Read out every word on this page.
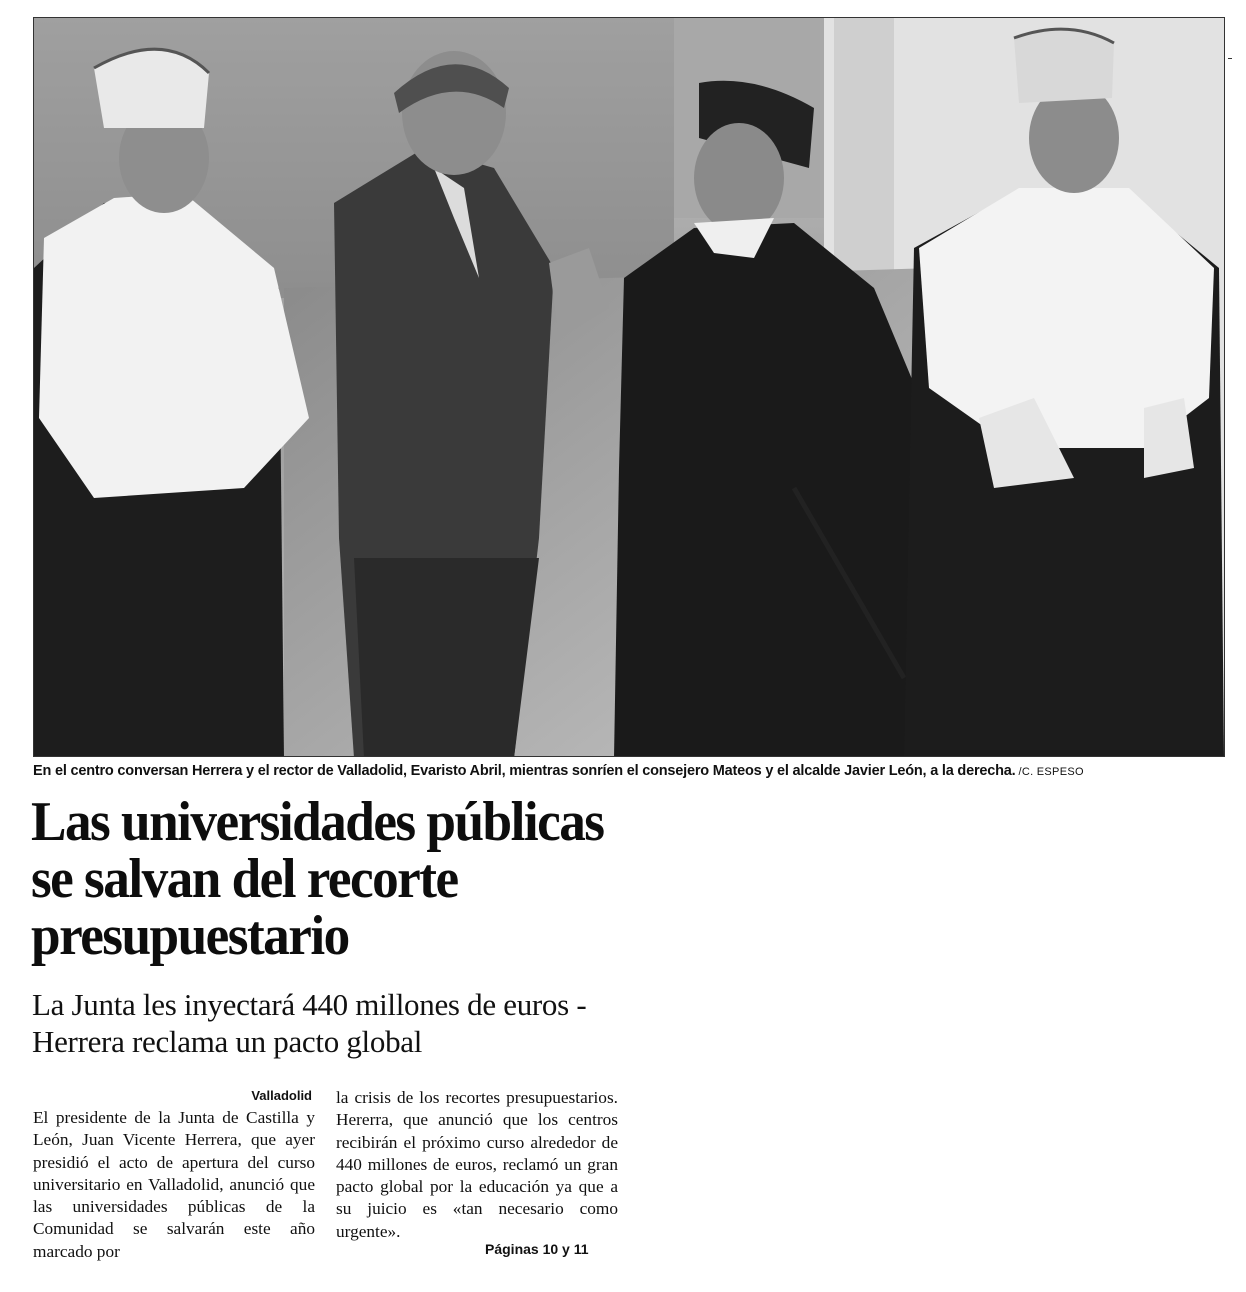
En el centro conversan Herrera y el rector de Valladolid, Evaristo Abril, mientras sonríen el consejero Mateos y el alcalde Javier León, a la derecha. /C. ESPESO
Las universidades públicas se salvan del recorte presupuestario
La Junta les inyectará 440 millones de euros - Herrera reclama un pacto global
Valladolid

El presidente de la Junta de Castilla y León, Juan Vicente Herrera, que ayer presidió el acto de apertura del curso universitario en Valladolid, anunció que las universidades públicas de la Comunidad se salvarán este año marcado por

la crisis de los recortes presupuestarios. Hererra, que anunció que los centros recibirán el próximo curso alrededor de 440 millones de euros, reclamó un gran pacto global por la educación ya que a su juicio es «tan necesario como urgente».

Páginas 10 y 11
